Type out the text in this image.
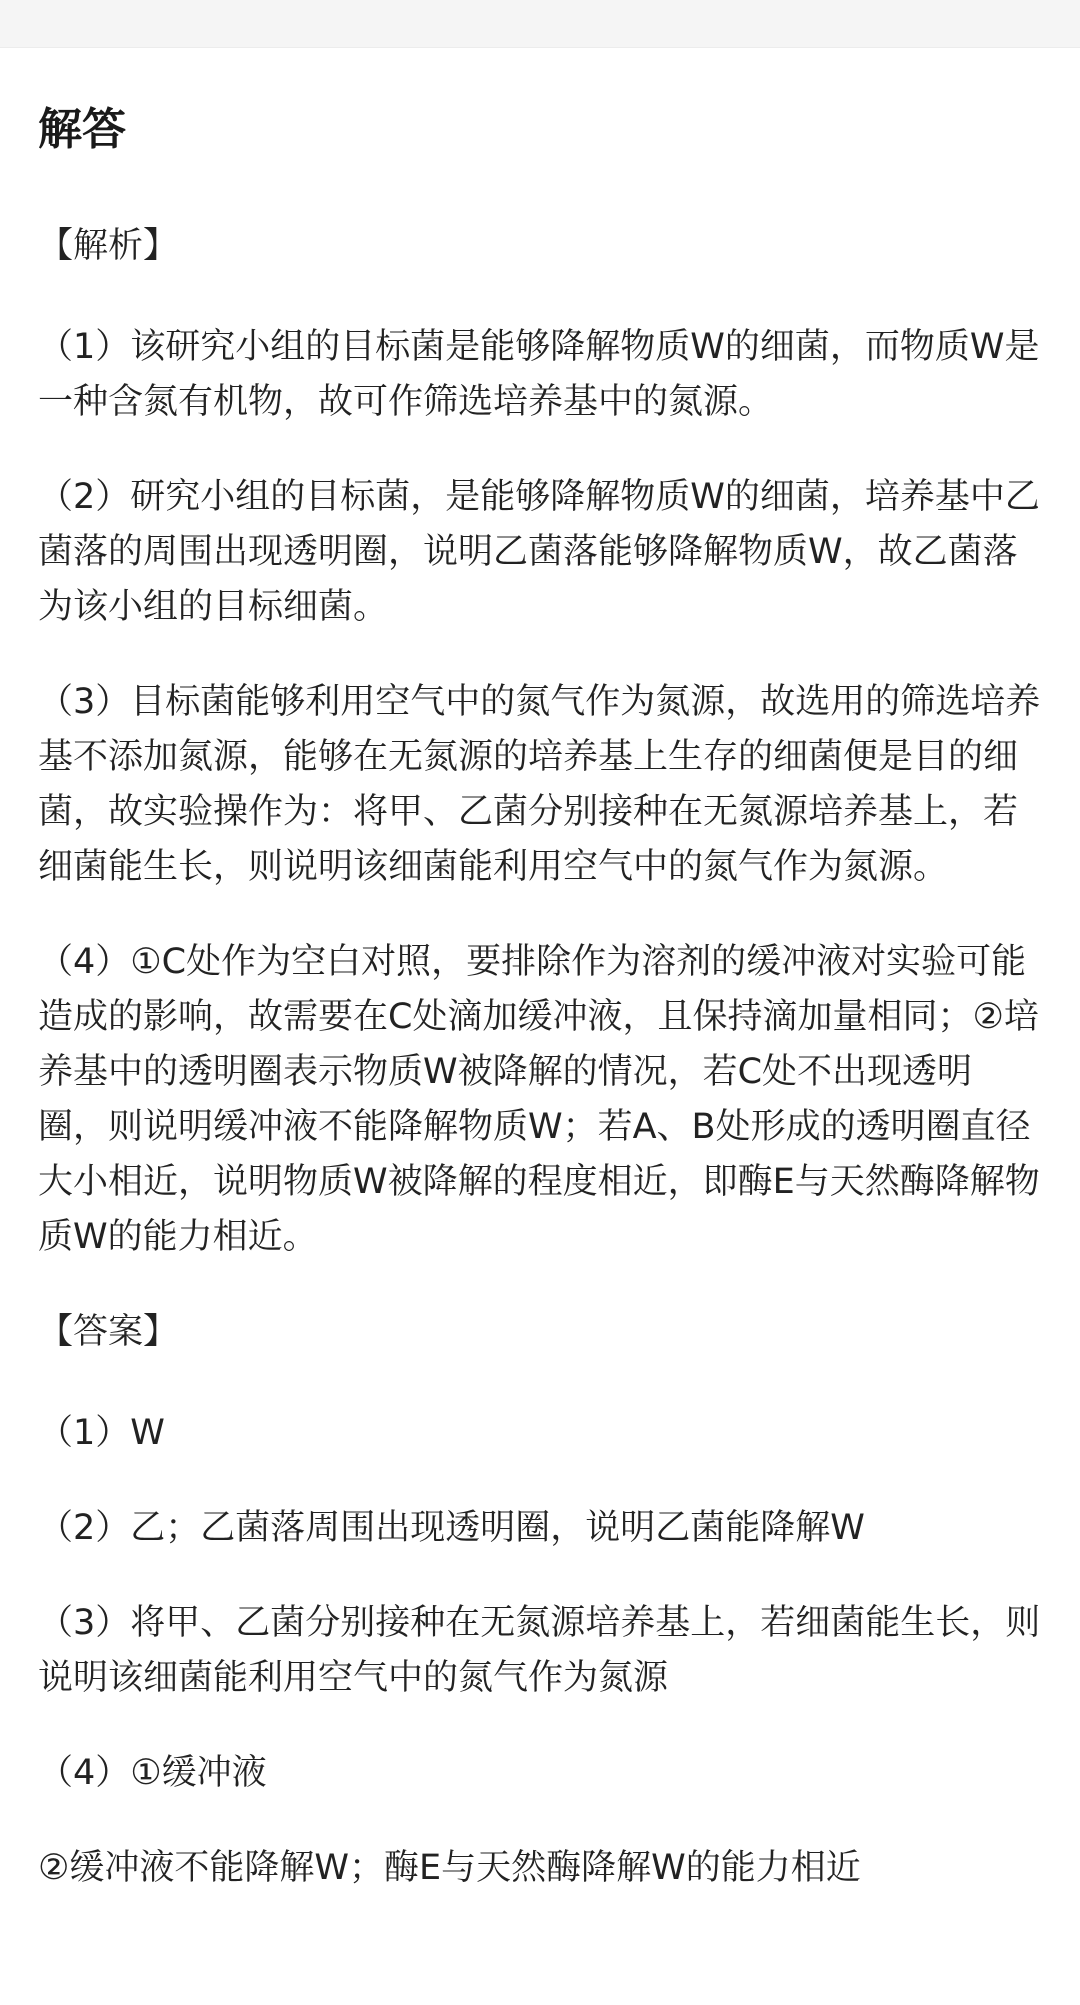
解答

【解析】

（1）该研究小组的目标菌是能够降解物质W的细菌，而物质W是一种含氮有机物，故可作筛选培养基中的氮源。

（2）研究小组的目标菌，是能够降解物质W的细菌，培养基中乙菌落的周围出现透明圈，说明乙菌落能够降解物质W，故乙菌落为该小组的目标细菌。

（3）目标菌能够利用空气中的氮气作为氮源，故选用的筛选培养基不添加氮源，能够在无氮源的培养基上生存的细菌便是目的细菌，故实验操作为：将甲、乙菌分别接种在无氮源培养基上，若细菌能生长，则说明该细菌能利用空气中的氮气作为氮源。

（4）①C处作为空白对照，要排除作为溶剂的缓冲液对实验可能造成的影响，故需要在C处滴加缓冲液，且保持滴加量相同；②培养基中的透明圈表示物质W被降解的情况，若C处不出现透明圈，则说明缓冲液不能降解物质W；若A、B处形成的透明圈直径大小相近，说明物质W被降解的程度相近，即酶E与天然酶降解物质W的能力相近。

【答案】

（1）W

（2）乙；乙菌落周围出现透明圈，说明乙菌能降解W

（3）将甲、乙菌分别接种在无氮源培养基上，若细菌能生长，则说明该细菌能利用空气中的氮气作为氮源

（4）①缓冲液

②缓冲液不能降解W；酶E与天然酶降解W的能力相近
